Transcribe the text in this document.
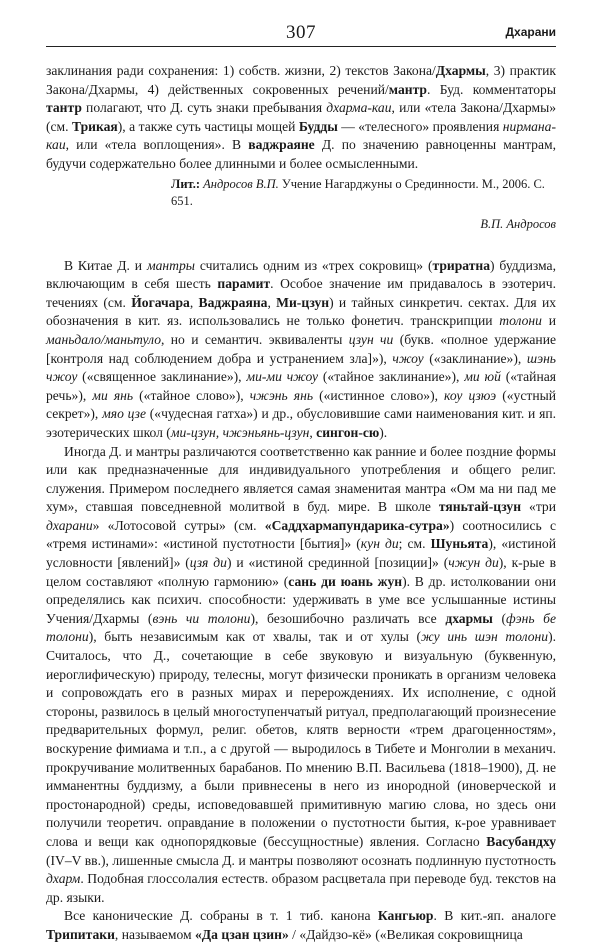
307	Дхарани

заклинания ради сохранения: 1) собств. жизни, 2) текстов Закона/Дхармы, 3) практик Закона/Дхармы, 4) действенных сокровенных речений/мантр. Буд. комментаторы тантр полагают, что Д. суть знаки пребывания дхарма-каи, или «тела Закона/Дхармы» (см. Трикая), а также суть частицы мощей Будды — «телесного» проявления нирмана-каи, или «тела воплощения». В ваджраяне Д. по значению равноценны мантрам, будучи содержательно более длинными и более осмысленными.

Лит.: Андросов В.П. Учение Нагарджуны о Срединности. М., 2006. С. 651.

В.П. Андросов

В Китае Д. и мантры считались одним из «трех сокровищ» (триратна) буддизма, включающим в себя шесть парамит. Особое значение им придавалось в эзотерич. течениях (см. Йогачара, Ваджраяна, Ми-цзун) и тайных синкретич. сектах. Для их обозначения в кит. яз. использовались не только фонетич. транскрипции толони и маньдало/маньтуло, но и семантич. эквиваленты цзун чи (букв. «полное удержание [контроля над соблюдением добра и устранением зла]»), чжоу («заклинание»), шэнь чжоу («священное заклинание»), ми-ми чжоу («тайное заклинание»), ми юй («тайная речь»), ми янь («тайное слово»), чжэнь янь («истинное слово»), коу цзюэ («устный секрет»), мяо цзе («чудесная гатха») и др., обусловившие сами наименования кит. и яп. эзотерических школ (ми-цзун, чжэньянь-цзун, сингон-сю).

Иногда Д. и мантры различаются соответственно как ранние и более поздние формы или как предназначенные для индивидуального употребления и общего религ. служения. Примером последнего является самая знаменитая мантра «Ом ма ни пад ме хум», ставшая повседневной молитвой в буд. мире. В школе тяньтай-цзун «три дхарани» «Лотосовой сутры» (см. «Саддхармапундарика-сутра») соотносились с «тремя истинами»: «истиной пустотности [бытия]» (кун ди; см. Шуньята), «истиной условности [явлений]» (цзя ди) и «истиной срединной [позиции]» (чжун ди), к-рые в целом составляют «полную гармонию» (сань ди юань жун). В др. истолковании они определялись как психич. способности: удерживать в уме все услышанные истины Учения/Дхармы (вэнь чи толони), безошибочно различать все дхармы (фэнь бе толони), быть независимым как от хвалы, так и от хулы (жу инь шэн толони). Считалось, что Д., сочетающие в себе звуковую и визуальную (буквенную, иероглифическую) природу, телесны, могут физически проникать в организм человека и сопровождать его в разных мирах и перерождениях. Их исполнение, с одной стороны, развилось в целый многоступенчатый ритуал, предполагающий произнесение предварительных формул, религ. обетов, клятв верности «трем драгоценностям», воскурение фимиама и т.п., а с другой — выродилось в Тибете и Монголии в механич. прокручивание молитвенных барабанов. По мнению В.П. Васильева (1818–1900), Д. не имманентны буддизму, а были привнесены в него из инородной (иноверческой и простонародной) среды, исповедовавшей примитивную магию слова, но здесь они получили теоретич. оправдание в положении о пустотности бытия, к-рое уравнивает слова и вещи как однопорядковые (бессущностные) явления. Согласно Васубандху (IV–V вв.), лишенные смысла Д. и мантры позволяют осознать подлинную пустотность дхарм. Подобная глоссолалия естеств. образом расцветала при переводе буд. текстов на др. языки.

Все канонические Д. собраны в т. 1 тиб. канона Кангьюр. В кит.-яп. аналоге Трипитаки, называемом «Да цзан цзин» / «Дайдзо-кё» («Великая сокровищница
